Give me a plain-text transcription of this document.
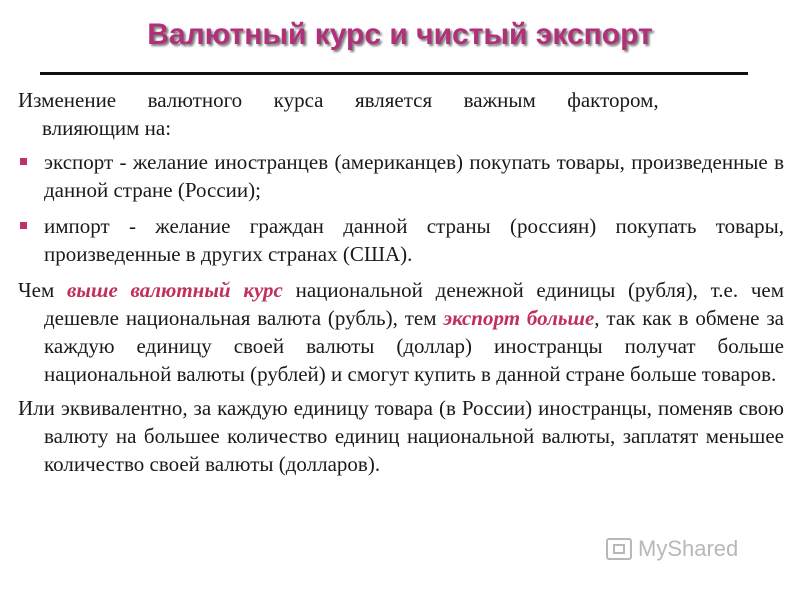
Валютный курс и чистый экспорт

Изменение      валютного      курса      является      важным      фактором,
влияющим на:

экспорт - желание иностранцев (американцев) покупать товары, произведенные в данной стране (России);

импорт - желание граждан данной страны (россиян) покупать товары, произведенные в других странах (США).

Чем выше валютный курс национальной денежной единицы (рубля), т.е. чем дешевле национальная валюта (рубль), тем экспорт больше, так как в обмене за каждую единицу своей валюты (доллар) иностранцы получат больше национальной валюты (рублей) и смогут купить в данной стране больше товаров.

Или эквивалентно, за каждую единицу товара (в России) иностранцы, поменяв свою валюту на большее количество единиц национальной валюты, заплатят меньшее количество своей валюты (долларов).

MyShared
